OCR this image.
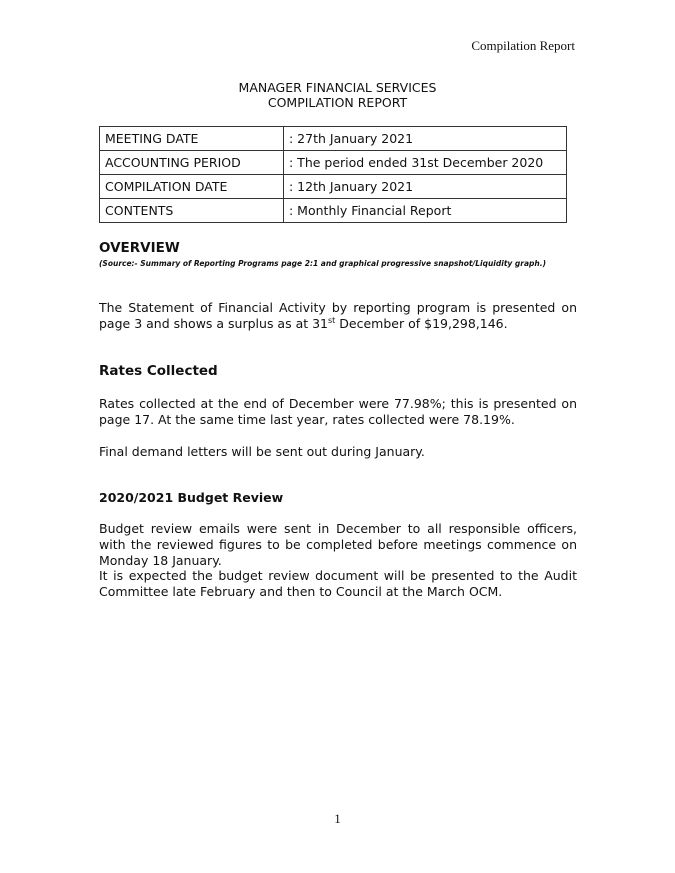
Compilation Report
MANAGER FINANCIAL SERVICES
COMPILATION REPORT
MEETING DATE	: 27th January 2021
ACCOUNTING PERIOD	: The period ended 31st December 2020
COMPILATION DATE	: 12th January 2021
CONTENTS	: Monthly Financial Report
OVERVIEW
(Source:- Summary of Reporting Programs page 2:1 and graphical progressive snapshot/Liquidity graph.)
The Statement of Financial Activity by reporting program is presented on page 3 and shows a surplus as at 31st December of $19,298,146.
Rates Collected
Rates collected at the end of December were 77.98%; this is presented on page 17. At the same time last year, rates collected were 78.19%.
Final demand letters will be sent out during January.
2020/2021 Budget Review
Budget review emails were sent in December to all responsible officers, with the reviewed figures to be completed before meetings commence on Monday 18 January.
It is expected the budget review document will be presented to the Audit Committee late February and then to Council at the March OCM.
1
